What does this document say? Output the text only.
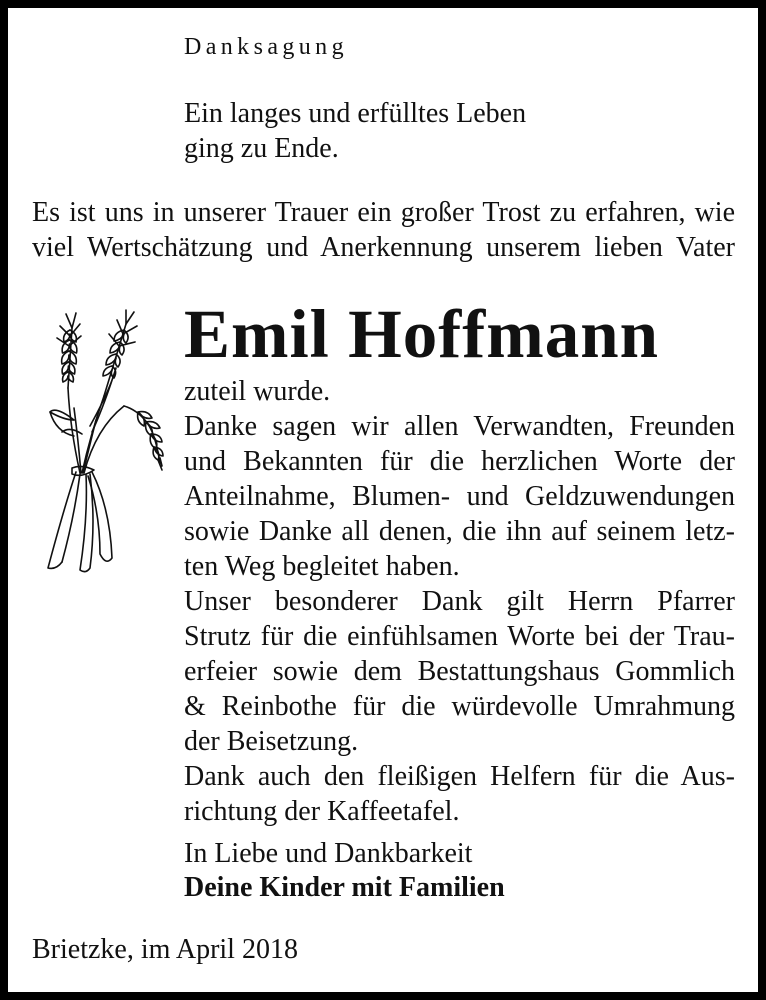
Danksagung
Ein langes und erfülltes Leben
ging zu Ende.
Es ist uns in unserer Trauer ein großer Trost zu erfahren, wie
viel Wertschätzung und Anerkennung unserem lieben Vater
Emil Hoffmann
zuteil wurde.
Danke sagen wir allen Verwandten, Freunden
und Bekannten für die herzlichen Worte der
Anteilnahme, Blumen- und Geldzuwendungen
sowie Danke all denen, die ihn auf seinem letz-
ten Weg begleitet haben.
Unser besonderer Dank gilt Herrn Pfarrer
Strutz für die einfühlsamen Worte bei der Trau-
erfeier sowie dem Bestattungshaus Gommlich
& Reinbothe für die würdevolle Umrahmung
der Beisetzung.
Dank auch den fleißigen Helfern für die Aus-
richtung der Kaffeetafel.
In Liebe und Dankbarkeit
Deine Kinder mit Familien
Brietzke, im April 2018
